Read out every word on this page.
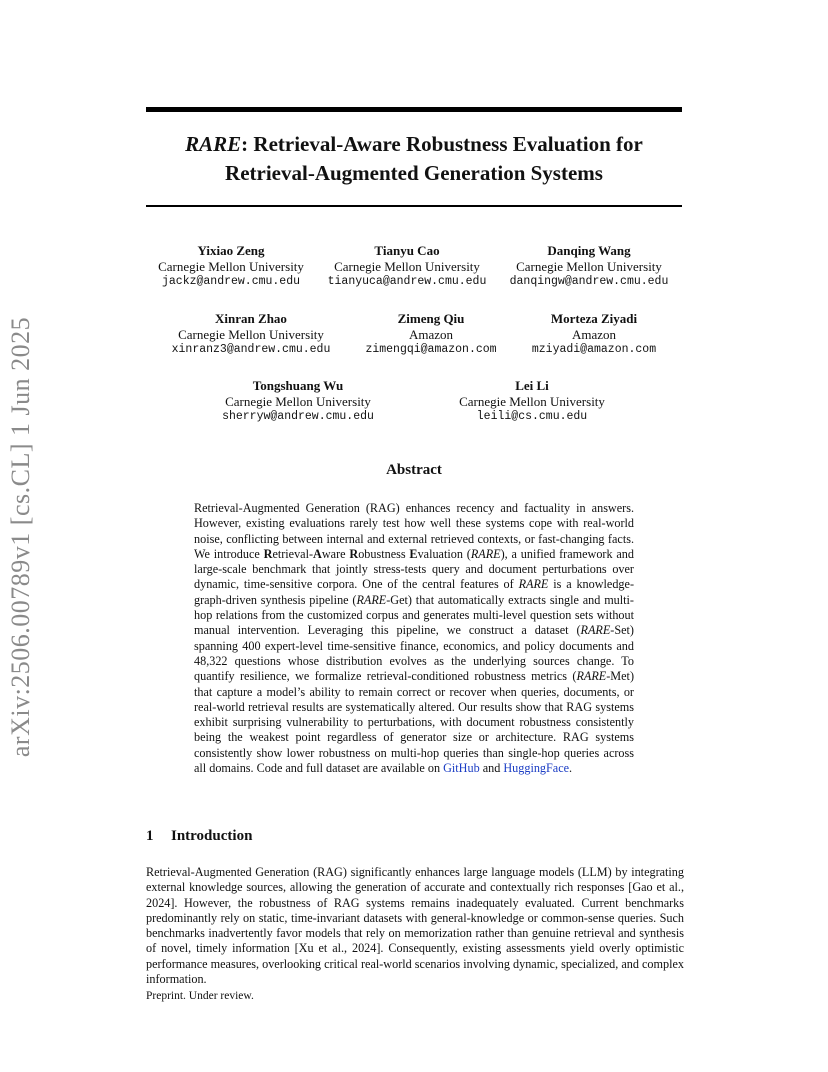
arXiv:2506.00789v1 [cs.CL] 1 Jun 2025
RARE: Retrieval-Aware Robustness Evaluation for
Retrieval-Augmented Generation Systems
Yixiao Zeng
Carnegie Mellon University
jackz@andrew.cmu.edu
Tianyu Cao
Carnegie Mellon University
tianyuca@andrew.cmu.edu
Danqing Wang
Carnegie Mellon University
danqingw@andrew.cmu.edu
Xinran Zhao
Carnegie Mellon University
xinranz3@andrew.cmu.edu
Zimeng Qiu
Amazon
zimengqi@amazon.com
Morteza Ziyadi
Amazon
mziyadi@amazon.com
Tongshuang Wu
Carnegie Mellon University
sherryw@andrew.cmu.edu
Lei Li
Carnegie Mellon University
leili@cs.cmu.edu
Abstract
Retrieval-Augmented Generation (RAG) enhances recency and factuality in answers. However, existing evaluations rarely test how well these systems cope with real-world noise, conflicting between internal and external retrieved contexts, or fast-changing facts. We introduce Retrieval-Aware Robustness Evaluation (RARE), a unified framework and large-scale benchmark that jointly stress-tests query and document perturbations over dynamic, time-sensitive corpora. One of the central features of RARE is a knowledge-graph-driven synthesis pipeline (RARE-Get) that automatically extracts single and multi-hop relations from the customized corpus and generates multi-level question sets without manual intervention. Leveraging this pipeline, we construct a dataset (RARE-Set) spanning 400 expert-level time-sensitive finance, economics, and policy documents and 48,322 questions whose distribution evolves as the underlying sources change. To quantify resilience, we formalize retrieval-conditioned robustness metrics (RARE-Met) that capture a model’s ability to remain correct or recover when queries, documents, or real-world retrieval results are systematically altered. Our results show that RAG systems exhibit surprising vulnerability to perturbations, with document robustness consistently being the weakest point regardless of generator size or architecture. RAG systems consistently show lower robustness on multi-hop queries than single-hop queries across all domains. Code and full dataset are available on GitHub and HuggingFace.
1 Introduction
Retrieval-Augmented Generation (RAG) significantly enhances large language models (LLM) by integrating external knowledge sources, allowing the generation of accurate and contextually rich responses [Gao et al., 2024]. However, the robustness of RAG systems remains inadequately evaluated. Current benchmarks predominantly rely on static, time-invariant datasets with general-knowledge or common-sense queries. Such benchmarks inadvertently favor models that rely on memorization rather than genuine retrieval and synthesis of novel, timely information [Xu et al., 2024]. Consequently, existing assessments yield overly optimistic performance measures, overlooking critical real-world scenarios involving dynamic, specialized, and complex information.
Preprint. Under review.
